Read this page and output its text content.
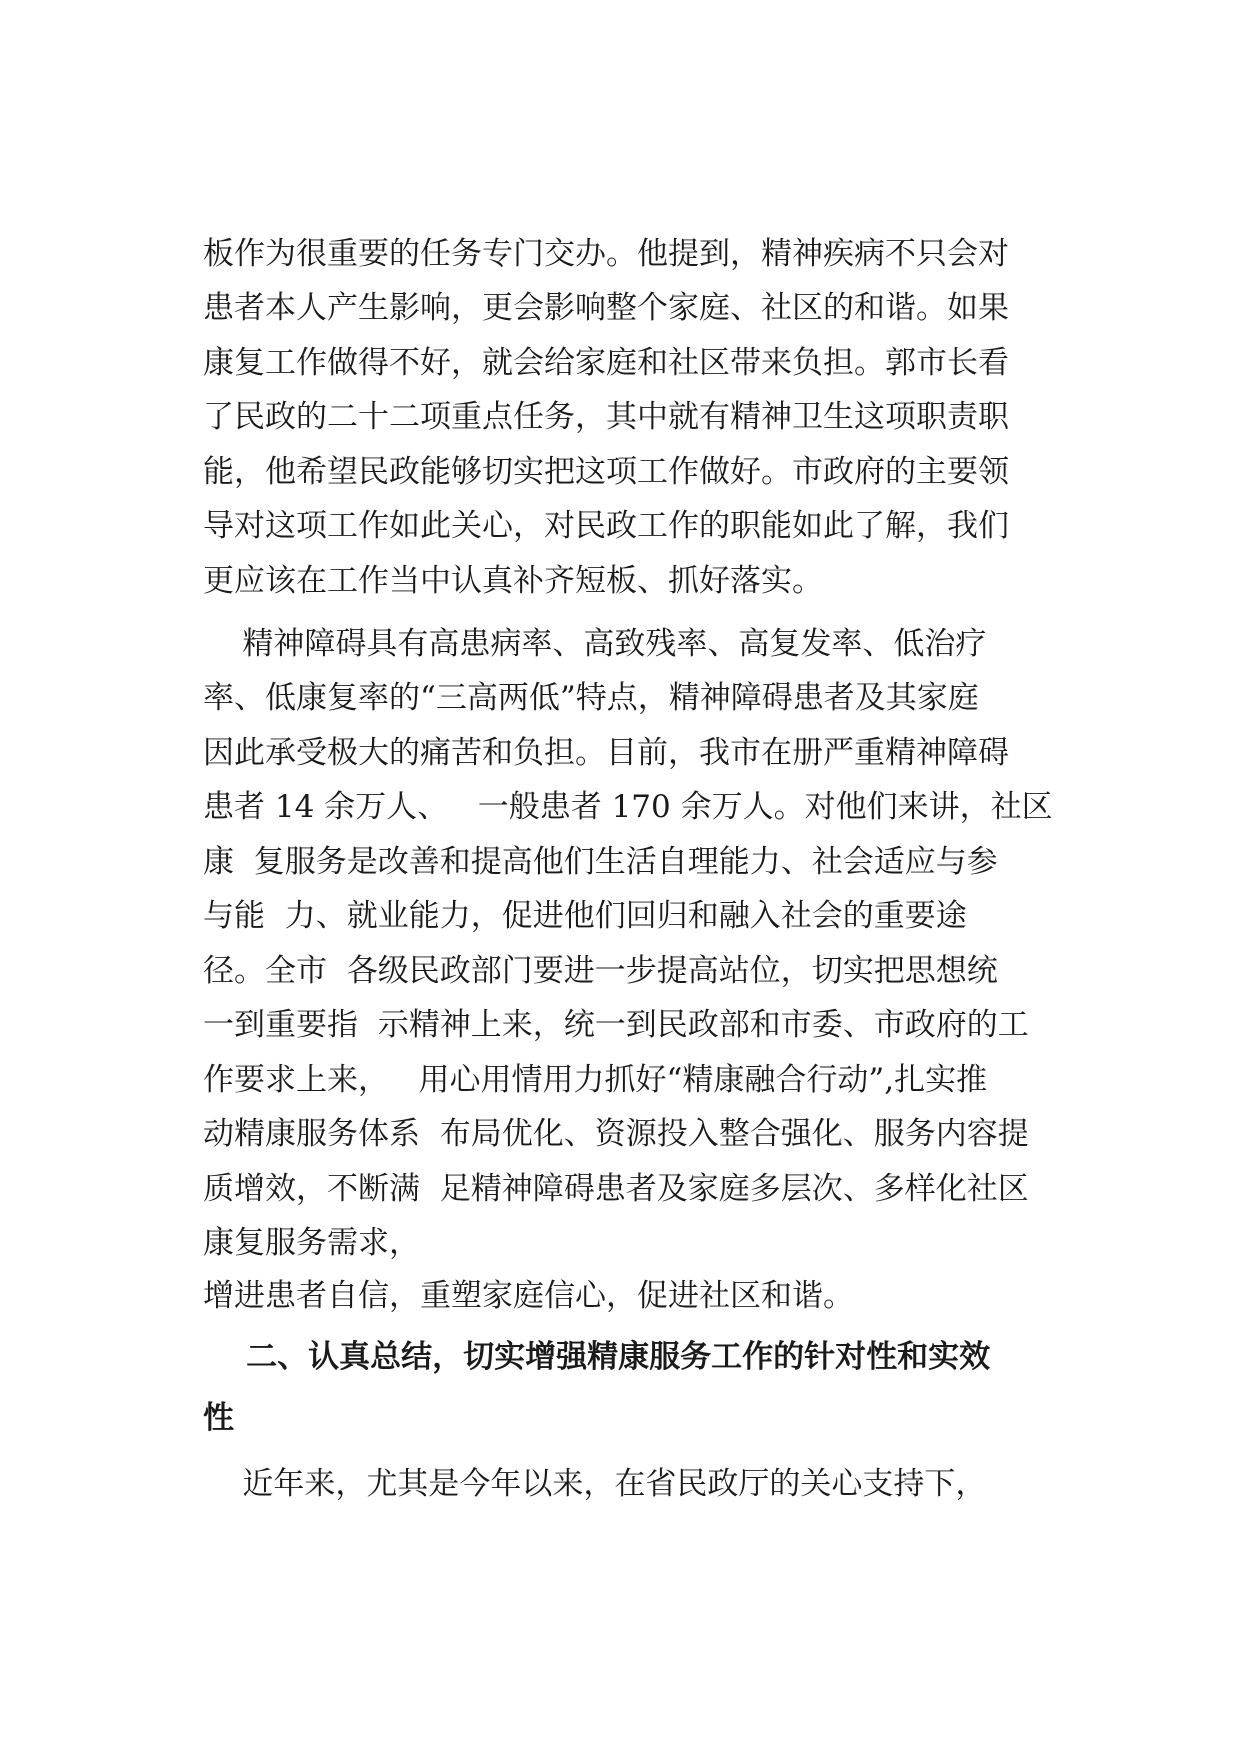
板作为很重要的任务专门交办。他提到，精神疾病不只会对
患者本人产生影响，更会影响整个家庭、社区的和谐。如果
康复工作做得不好，就会给家庭和社区带来负担。郭市长看
了民政的二十二项重点任务，其中就有精神卫生这项职责职
能，他希望民政能够切实把这项工作做好。市政府的主要领
导对这项工作如此关心，对民政工作的职能如此了解，我们
更应该在工作当中认真补齐短板、抓好落实。
精神障碍具有高患病率、高致残率、高复发率、低治疗
率、低康复率的“三高两低”特点，精神障碍患者及其家庭
因此承受极大的痛苦和负担。目前，我市在册严重精神障碍
患者 14 余万人、   一般患者 170 余万人。对他们来讲，社区
康  复服务是改善和提高他们生活自理能力、社会适应与参
与能  力、就业能力，促进他们回归和融入社会的重要途
径。全市  各级民政部门要进一步提高站位，切实把思想统
一到重要指  示精神上来，统一到民政部和市委、市政府的工
作要求上来，   用心用情用力抓好“精康融合行动”,扎实推
动精康服务体系  布局优化、资源投入整合强化、服务内容提
质增效，不断满  足精神障碍患者及家庭多层次、多样化社区
康复服务需求，
增进患者自信，重塑家庭信心，促进社区和谐。
二、认真总结，切实增强精康服务工作的针对性和实效
性
近年来，尤其是今年以来，在省民政厅的关心支持下，
